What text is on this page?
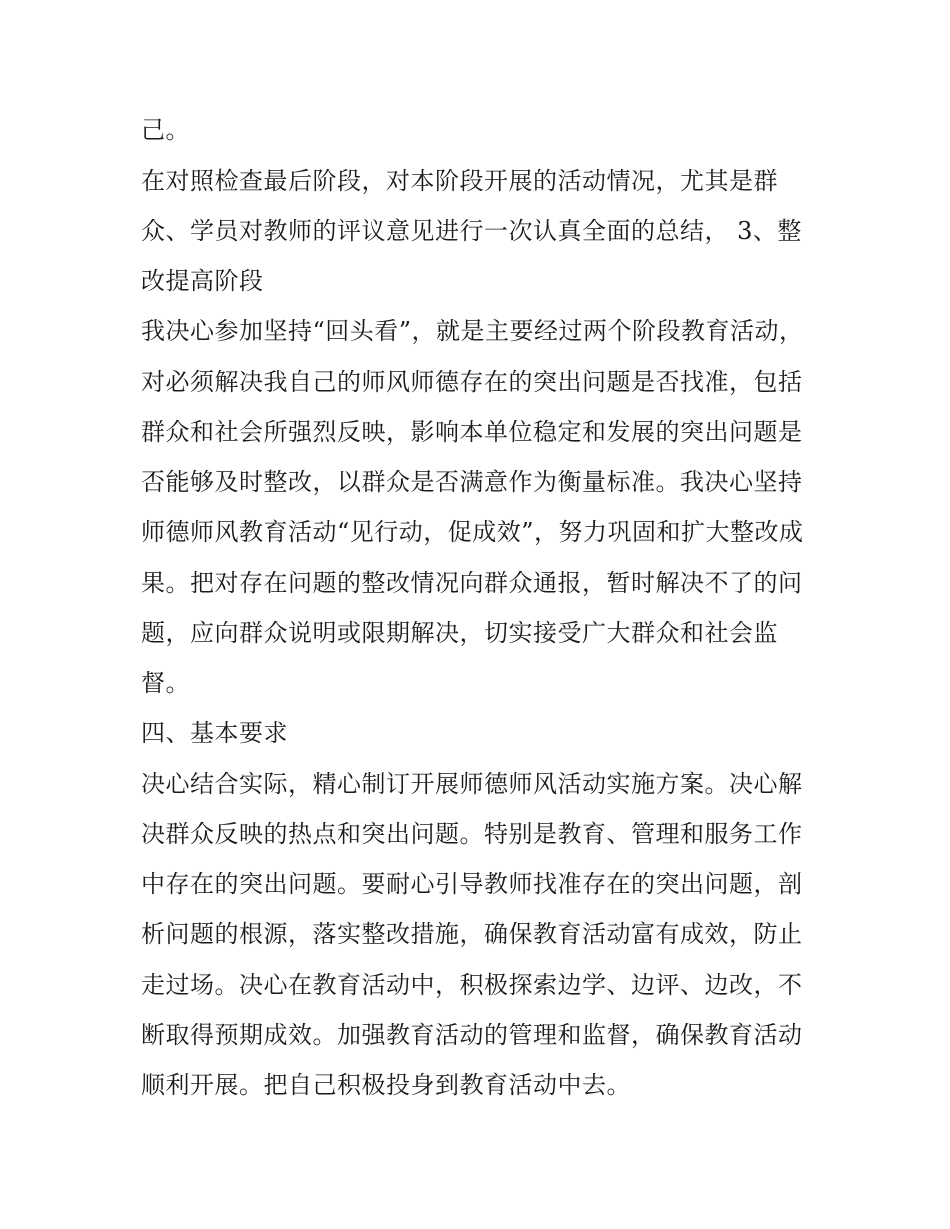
己。
在对照检查最后阶段，对本阶段开展的活动情况，尤其是群
众、学员对教师的评议意见进行一次认真全面的总结， 3、整
改提高阶段
我决心参加坚持“回头看”，就是主要经过两个阶段教育活动，
对必须解决我自己的师风师德存在的突出问题是否找准，包括
群众和社会所强烈反映，影响本单位稳定和发展的突出问题是
否能够及时整改，以群众是否满意作为衡量标准。我决心坚持
师德师风教育活动“见行动，促成效”，努力巩固和扩大整改成
果。把对存在问题的整改情况向群众通报，暂时解决不了的问
题，应向群众说明或限期解决，切实接受广大群众和社会监
督。
四、基本要求
决心结合实际，精心制订开展师德师风活动实施方案。决心解
决群众反映的热点和突出问题。特别是教育、管理和服务工作
中存在的突出问题。要耐心引导教师找准存在的突出问题，剖
析问题的根源，落实整改措施，确保教育活动富有成效，防止
走过场。决心在教育活动中，积极探索边学、边评、边改，不
断取得预期成效。加强教育活动的管理和监督，确保教育活动
顺利开展。把自己积极投身到教育活动中去。
